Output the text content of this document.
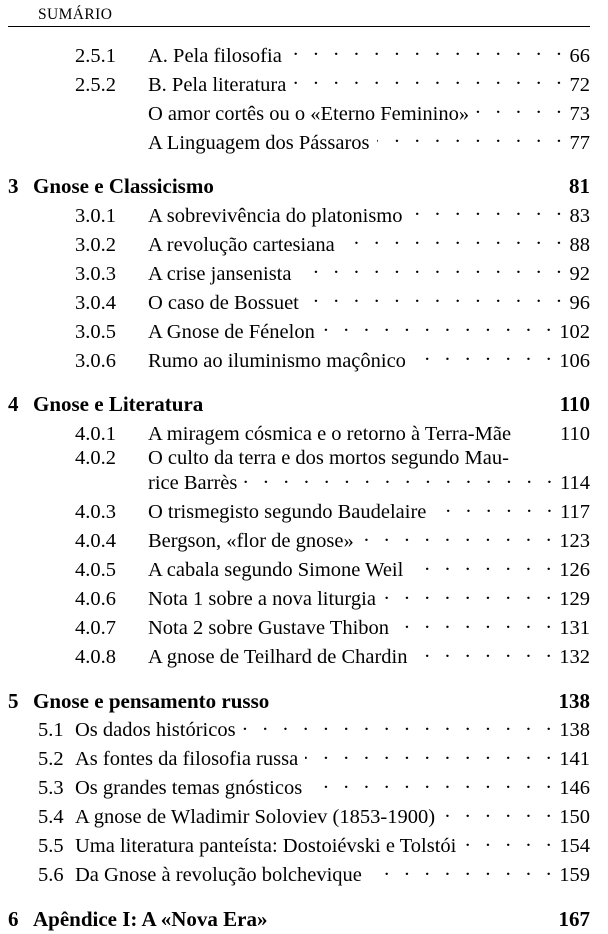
SUMÁRIO
2.5.1	A. Pela filosofia . . .	66
2.5.2	B. Pela literatura . . .	72
O amor cortês ou o «Eterno Feminino» . . .	73
A Linguagem dos Pássaros . . .	77
3 Gnose e Classicismo	81
3.0.1	A sobrevivência do platonismo . . .	83
3.0.2	A revolução cartesiana . . .	88
3.0.3	A crise jansenista . . .	92
3.0.4	O caso de Bossuet . . .	96
3.0.5	A Gnose de Fénelon . . .	102
3.0.6	Rumo ao iluminismo maçônico . . .	106
4 Gnose e Literatura	110
4.0.1	A miragem cósmica e o retorno à Terra-Mãe	110
4.0.2	O culto da terra e dos mortos segundo Mau-
rice Barrès . . .	114
4.0.3	O trismegisto segundo Baudelaire . . .	117
4.0.4	Bergson, «flor de gnose» . . .	123
4.0.5	A cabala segundo Simone Weil . . .	126
4.0.6	Nota 1 sobre a nova liturgia . . .	129
4.0.7	Nota 2 sobre Gustave Thibon . . .	131
4.0.8	A gnose de Teilhard de Chardin . . .	132
5 Gnose e pensamento russo	138
5.1 Os dados históricos . . .	138
5.2 As fontes da filosofia russa . . .	141
5.3 Os grandes temas gnósticos . . .	146
5.4 A gnose de Wladimir Soloviev (1853-1900) . . .	150
5.5 Uma literatura panteísta: Dostoiévski e Tolstói . . .	154
5.6 Da Gnose à revolução bolchevique . . .	159
6 Apêndice I: A «Nova Era»	167
